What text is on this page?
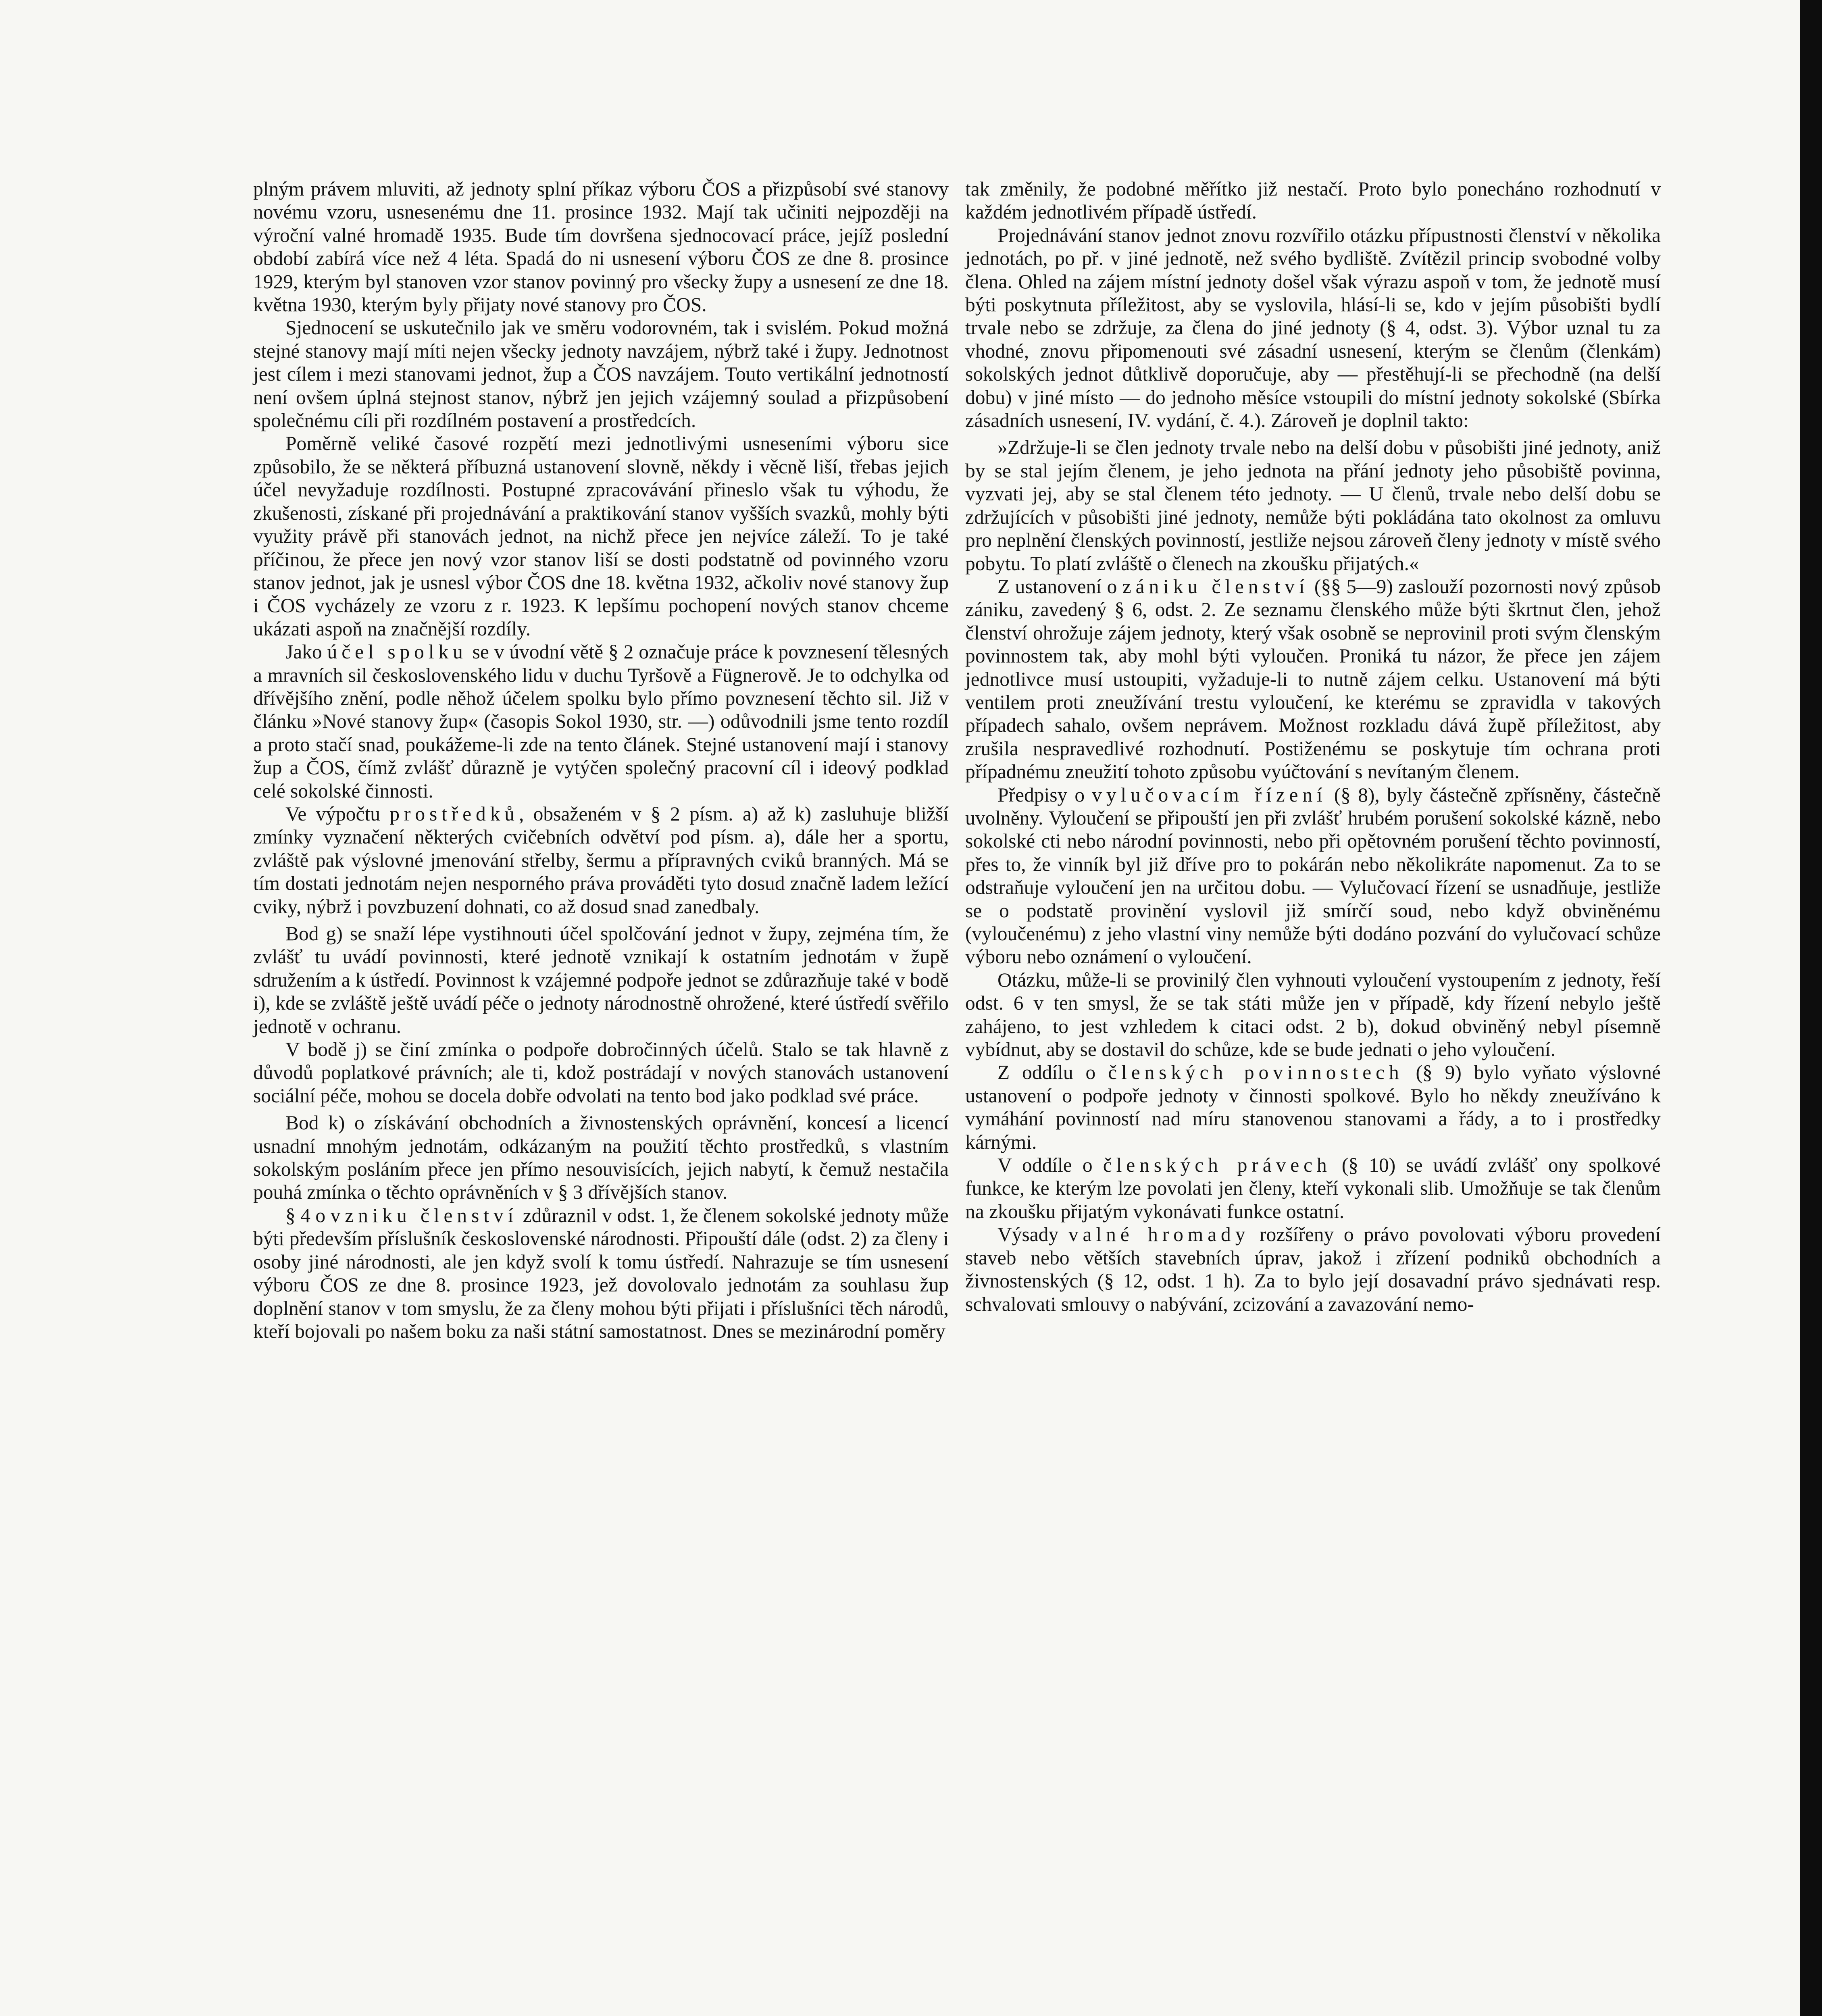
plným právem mluviti, až jednoty splní příkaz výboru ČOS a přizpůsobí své stanovy novému vzoru, usnesenému dne 11. prosince 1932. Mají tak učiniti nejpozději na výroční valné hromadě 1935. Bude tím dovršena sjednocovací práce, jejíž poslední období zabírá více než 4 léta. Spadá do ni usnesení výboru ČOS ze dne 8. prosince 1929, kterým byl stanoven vzor stanov povinný pro všecky župy a usnesení ze dne 18. května 1930, kterým byly přijaty nové stanovy pro ČOS.

Sjednocení se uskutečnilo jak ve směru vodorovném, tak i svislém. Pokud možná stejné stanovy mají míti nejen všecky jednoty navzájem, nýbrž také i župy. Jednotnost jest cílem i mezi stanovami jednot, žup a ČOS navzájem. Touto vertikální jednotností není ovšem úplná stejnost stanov, nýbrž jen jejich vzájemný soulad a přizpůsobení společnému cíli při rozdílném postavení a prostředcích.

Poměrně veliké časové rozpětí mezi jednotlivými usneseními výboru sice způsobilo, že se některá příbuzná ustanovení slovně, někdy i věcně liší, třebas jejich účel nevyžaduje rozdílnosti. Postupné zpracovávání přineslo však tu výhodu, že zkušenosti, získané při projednávání a praktikování stanov vyšších svazků, mohly býti využity právě při stanovách jednot, na nichž přece jen nejvíce záleží. To je také příčinou, že přece jen nový vzor stanov liší se dosti podstatně od povinného vzoru stanov jednot, jak je usnesl výbor ČOS dne 18. května 1932, ačkoliv nové stanovy žup i ČOS vycházely ze vzoru z r. 1923. K lepšímu pochopení nových stanov chceme ukázati aspoň na značnější rozdíly.

Jako účel spolku se v úvodní větě § 2 označuje práce k povznesení tělesných a mravních sil československého lidu v duchu Tyršově a Fügnerově. Je to odchylka od dřívějšího znění, podle něhož účelem spolku bylo přímo povznesení těchto sil. Již v článku »Nové stanovy žup« (časopis Sokol 1930, str. —) odůvodnili jsme tento rozdíl a proto stačí snad, poukážeme-li zde na tento článek. Stejné ustanovení mají i stanovy žup a ČOS, čímž zvlášť důrazně je vytýčen společný pracovní cíl i ideový podklad celé sokolské činnosti.

Ve výpočtu prostředků, obsaženém v § 2 písm. a) až k) zasluhuje bližší zmínky vyznačení některých cvičebních odvětví pod písm. a), dále her a sportu, zvláště pak výslovné jmenování střelby, šermu a přípravných cviků branných. Má se tím dostati jednotám nejen nesporného práva prováděti tyto dosud značně ladem ležící cviky, nýbrž i povzbuzení dohnati, co až dosud snad zanedbaly.

Bod g) se snaží lépe vystihnouti účel spolčování jednot v župy, zejména tím, že zvlášť tu uvádí povinnosti, které jednotě vznikají k ostatním jednotám v župě sdružením a k ústředí. Povinnost k vzájemné podpoře jednot se zdůrazňuje také v bodě i), kde se zvláště ještě uvádí péče o jednoty národnostně ohrožené, které ústředí svěřilo jednotě v ochranu.

V bodě j) se činí zmínka o podpoře dobročinných účelů. Stalo se tak hlavně z důvodů poplatkové právních; ale ti, kdož postrádají v nových stanovách ustanovení sociální péče, mohou se docela dobře odvolati na tento bod jako podklad své práce.

Bod k) o získávání obchodních a živnostenských oprávnění, koncesí a licencí usnadní mnohým jednotám, odkázaným na použití těchto prostředků, s vlastním sokolským posláním přece jen přímo nesouvisících, jejich nabytí, k čemuž nestačila pouhá zmínka o těchto oprávněních v § 3 dřívějších stanov.

§ 4 o vzniku členství zdůraznil v odst. 1, že členem sokolské jednoty může býti především příslušník československé národnosti. Připouští dále (odst. 2) za členy i osoby jiné národnosti, ale jen když svolí k tomu ústředí. Nahrazuje se tím usnesení výboru ČOS ze dne 8. prosince 1923, jež dovolovalo jednotám za souhlasu žup doplnění stanov v tom smyslu, že za členy mohou býti přijati i příslušníci těch národů, kteří bojovali po našem boku za naši státní samostatnost. Dnes se mezinárodní poměry

tak změnily, že podobné měřítko již nestačí. Proto bylo ponecháno rozhodnutí v každém jednotlivém případě ústředí.

Projednávání stanov jednot znovu rozvířilo otázku přípustnosti členství v několika jednotách, po př. v jiné jednotě, než svého bydliště. Zvítězil princip svobodné volby člena. Ohled na zájem místní jednoty došel však výrazu aspoň v tom, že jednotě musí býti poskytnuta příležitost, aby se vyslovila, hlásí-li se, kdo v jejím působišti bydlí trvale nebo se zdržuje, za člena do jiné jednoty (§ 4, odst. 3). Výbor uznal tu za vhodné, znovu připomenouti své zásadní usnesení, kterým se členům (členkám) sokolských jednot důtklivě doporučuje, aby — přestěhují-li se přechodně (na delší dobu) v jiné místo — do jednoho měsíce vstoupili do místní jednoty sokolské (Sbírka zásadních usnesení, IV. vydání, č. 4.). Zároveň je doplnil takto:

»Zdržuje-li se člen jednoty trvale nebo na delší dobu v působišti jiné jednoty, aniž by se stal jejím členem, je jeho jednota na přání jednoty jeho působiště povinna, vyzvati jej, aby se stal členem této jednoty. — U členů, trvale nebo delší dobu se zdržujících v působišti jiné jednoty, nemůže býti pokládána tato okolnost za omluvu pro neplnění členských povinností, jestliže nejsou zároveň členy jednoty v místě svého pobytu. To platí zvláště o členech na zkoušku přijatých.«

Z ustanovení o zániku členství (§§ 5—9) zaslouží pozornosti nový způsob zániku, zavedený § 6, odst. 2. Ze seznamu členského může býti škrtnut člen, jehož členství ohrožuje zájem jednoty, který však osobně se neprovinil proti svým členským povinnostem tak, aby mohl býti vyloučen. Proniká tu názor, že přece jen zájem jednotlivce musí ustoupiti, vyžaduje-li to nutně zájem celku. Ustanovení má býti ventilem proti zneužívání trestu vyloučení, ke kterému se zpravidla v takových případech sahalo, ovšem neprávem. Možnost rozkladu dává župě příležitost, aby zrušila nespravedlivé rozhodnutí. Postiženému se poskytuje tím ochrana proti případnému zneužití tohoto způsobu vyúčtování s nevítaným členem.

Předpisy o vylučovacím řízení (§ 8), byly částečně zpřísněny, částečně uvolněny. Vyloučení se připouští jen při zvlášť hrubém porušení sokolské kázně, nebo sokolské cti nebo národní povinnosti, nebo při opětovném porušení těchto povinností, přes to, že vinník byl již dříve pro to pokárán nebo několikráte napomenut. Za to se odstraňuje vyloučení jen na určitou dobu. — Vylučovací řízení se usnadňuje, jestliže se o podstatě provinění vyslovil již smírčí soud, nebo když obviněnému (vyloučenému) z jeho vlastní viny nemůže býti dodáno pozvání do vylučovací schůze výboru nebo oznámení o vyloučení.

Otázku, může-li se provinilý člen vyhnouti vyloučení vystoupením z jednoty, řeší odst. 6 v ten smysl, že se tak státi může jen v případě, kdy řízení nebylo ještě zahájeno, to jest vzhledem k citaci odst. 2 b), dokud obviněný nebyl písemně vybídnut, aby se dostavil do schůze, kde se bude jednati o jeho vyloučení.

Z oddílu o členských povinnostech (§ 9) bylo vyňato výslovné ustanovení o podpoře jednoty v činnosti spolkové. Bylo ho někdy zneužíváno k vymáhání povinností nad míru stanovenou stanovami a řády, a to i prostředky kárnými.

V oddíle o členských právech (§ 10) se uvádí zvlášť ony spolkové funkce, ke kterým lze povolati jen členy, kteří vykonali slib. Umožňuje se tak členům na zkoušku přijatým vykonávati funkce ostatní.

Výsady valné hromady rozšířeny o právo povolovati výboru provedení staveb nebo větších stavebních úprav, jakož i zřízení podniků obchodních a živnostenských (§ 12, odst. 1 h). Za to bylo její dosavadní právo sjednávati resp. schvalovati smlouvy o nabývání, zcizování a zavazování nemo-
